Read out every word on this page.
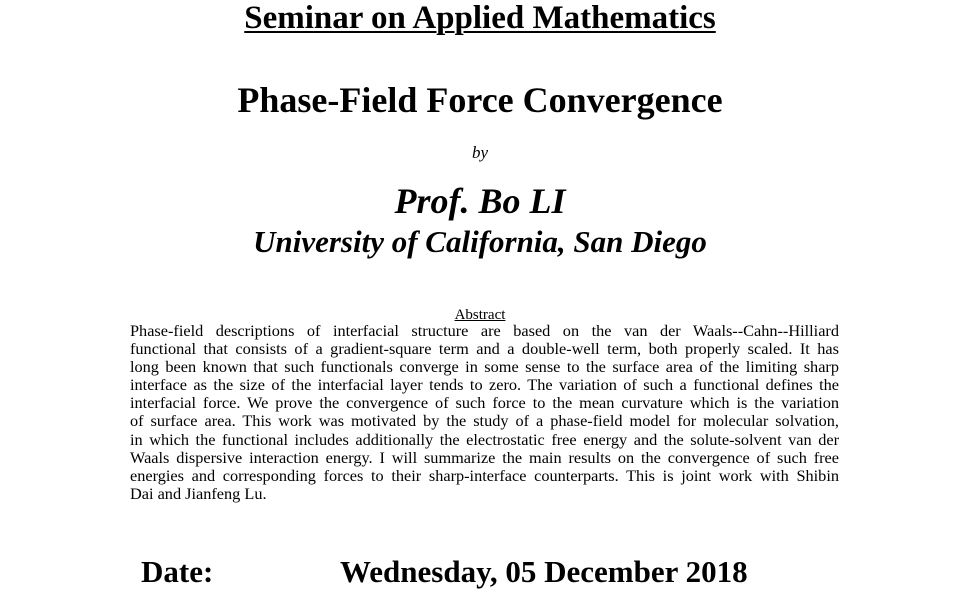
Seminar on Applied Mathematics
Phase-Field Force Convergence
by
Prof. Bo LI
University of California, San Diego
Abstract
Phase-field descriptions of interfacial structure are based on the van der Waals--Cahn--Hilliard
functional that consists of a gradient-square term and a double-well term, both properly scaled. It has
long been known that such functionals converge in some sense to the surface area of the limiting sharp
interface as the size of the interfacial layer tends to zero. The variation of such a functional defines the
interfacial force. We prove the convergence of such force to the mean curvature which is the variation
of surface area. This work was motivated by the study of a phase-field model for molecular solvation,
in which the functional includes additionally the electrostatic free energy and the solute-solvent van der
Waals dispersive interaction energy. I will summarize the main results on the convergence of such free
energies and corresponding forces to their sharp-interface counterparts. This is joint work with Shibin
Dai and Jianfeng Lu.
Date:	Wednesday, 05 December 2018
